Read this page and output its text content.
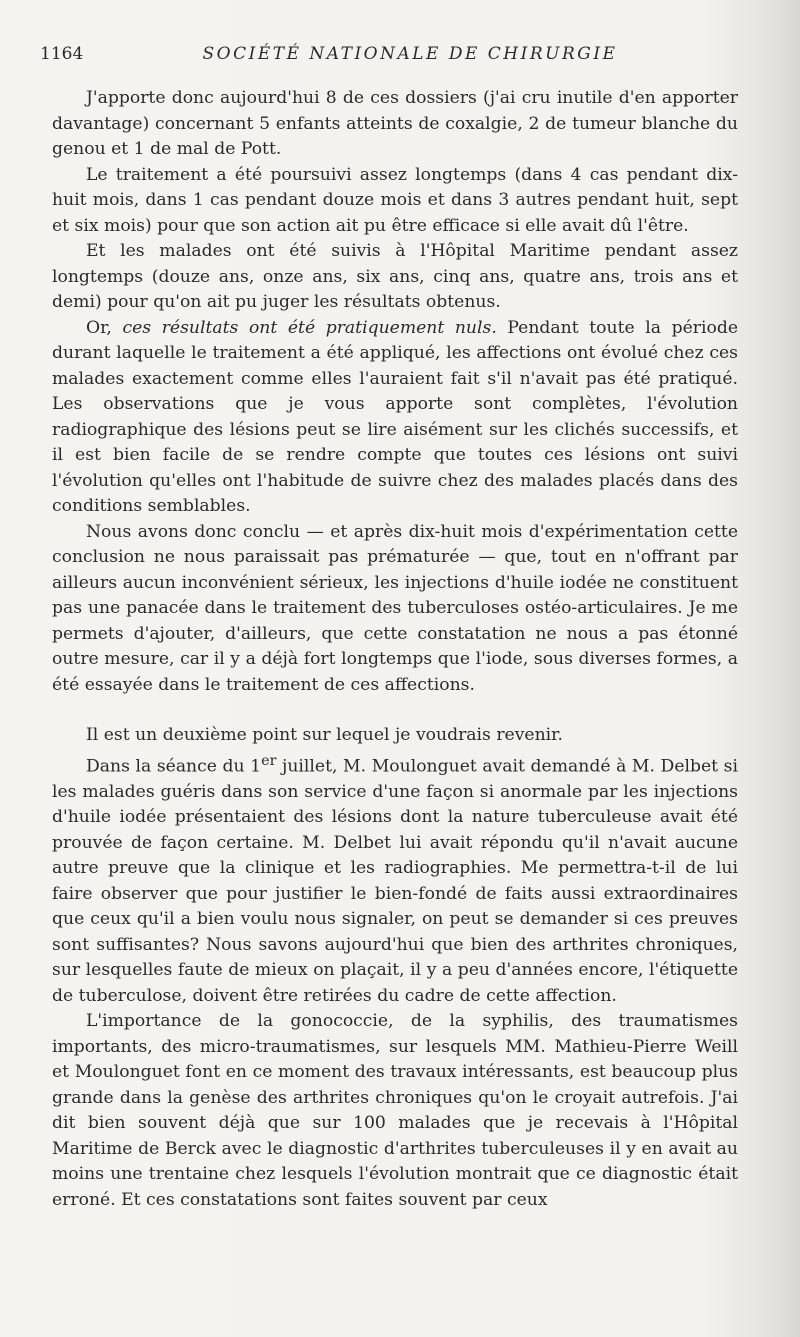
1164	SOCIÉTÉ NATIONALE DE CHIRURGIE

J'apporte donc aujourd'hui 8 de ces dossiers (j'ai cru inutile d'en apporter davantage) concernant 5 enfants atteints de coxalgie, 2 de tumeur blanche du genou et 1 de mal de Pott.

Le traitement a été poursuivi assez longtemps (dans 4 cas pendant dix-huit mois, dans 1 cas pendant douze mois et dans 3 autres pendant huit, sept et six mois) pour que son action ait pu être efficace si elle avait dû l'être.

Et les malades ont été suivis à l'Hôpital Maritime pendant assez longtemps (douze ans, onze ans, six ans, cinq ans, quatre ans, trois ans et demi) pour qu'on ait pu juger les résultats obtenus.

Or, ces résultats ont été pratiquement nuls. Pendant toute la période durant laquelle le traitement a été appliqué, les affections ont évolué chez ces malades exactement comme elles l'auraient fait s'il n'avait pas été pratiqué. Les observations que je vous apporte sont complètes, l'évolution radiographique des lésions peut se lire aisément sur les clichés successifs, et il est bien facile de se rendre compte que toutes ces lésions ont suivi l'évolution qu'elles ont l'habitude de suivre chez des malades placés dans des conditions semblables.

Nous avons donc conclu — et après dix-huit mois d'expérimentation cette conclusion ne nous paraissait pas prématurée — que, tout en n'offrant par ailleurs aucun inconvénient sérieux, les injections d'huile iodée ne constituent pas une panacée dans le traitement des tuberculoses ostéo-articulaires. Je me permets d'ajouter, d'ailleurs, que cette constatation ne nous a pas étonné outre mesure, car il y a déjà fort longtemps que l'iode, sous diverses formes, a été essayée dans le traitement de ces affections.

Il est un deuxième point sur lequel je voudrais revenir.

Dans la séance du 1er juillet, M. Moulonguet avait demandé à M. Delbet si les malades guéris dans son service d'une façon si anormale par les injections d'huile iodée présentaient des lésions dont la nature tuberculeuse avait été prouvée de façon certaine. M. Delbet lui avait répondu qu'il n'avait aucune autre preuve que la clinique et les radiographies. Me permettra-t-il de lui faire observer que pour justifier le bien-fondé de faits aussi extraordinaires que ceux qu'il a bien voulu nous signaler, on peut se demander si ces preuves sont suffisantes? Nous savons aujourd'hui que bien des arthrites chroniques, sur lesquelles faute de mieux on plaçait, il y a peu d'années encore, l'étiquette de tuberculose, doivent être retirées du cadre de cette affection.

L'importance de la gonococcie, de la syphilis, des traumatismes importants, des micro-traumatismes, sur lesquels MM. Mathieu-Pierre Weill et Moulonguet font en ce moment des travaux intéressants, est beaucoup plus grande dans la genèse des arthrites chroniques qu'on le croyait autrefois. J'ai dit bien souvent déjà que sur 100 malades que je recevais à l'Hôpital Maritime de Berck avec le diagnostic d'arthrites tuberculeuses il y en avait au moins une trentaine chez lesquels l'évolution montrait que ce diagnostic était erroné. Et ces constatations sont faites souvent par ceux
